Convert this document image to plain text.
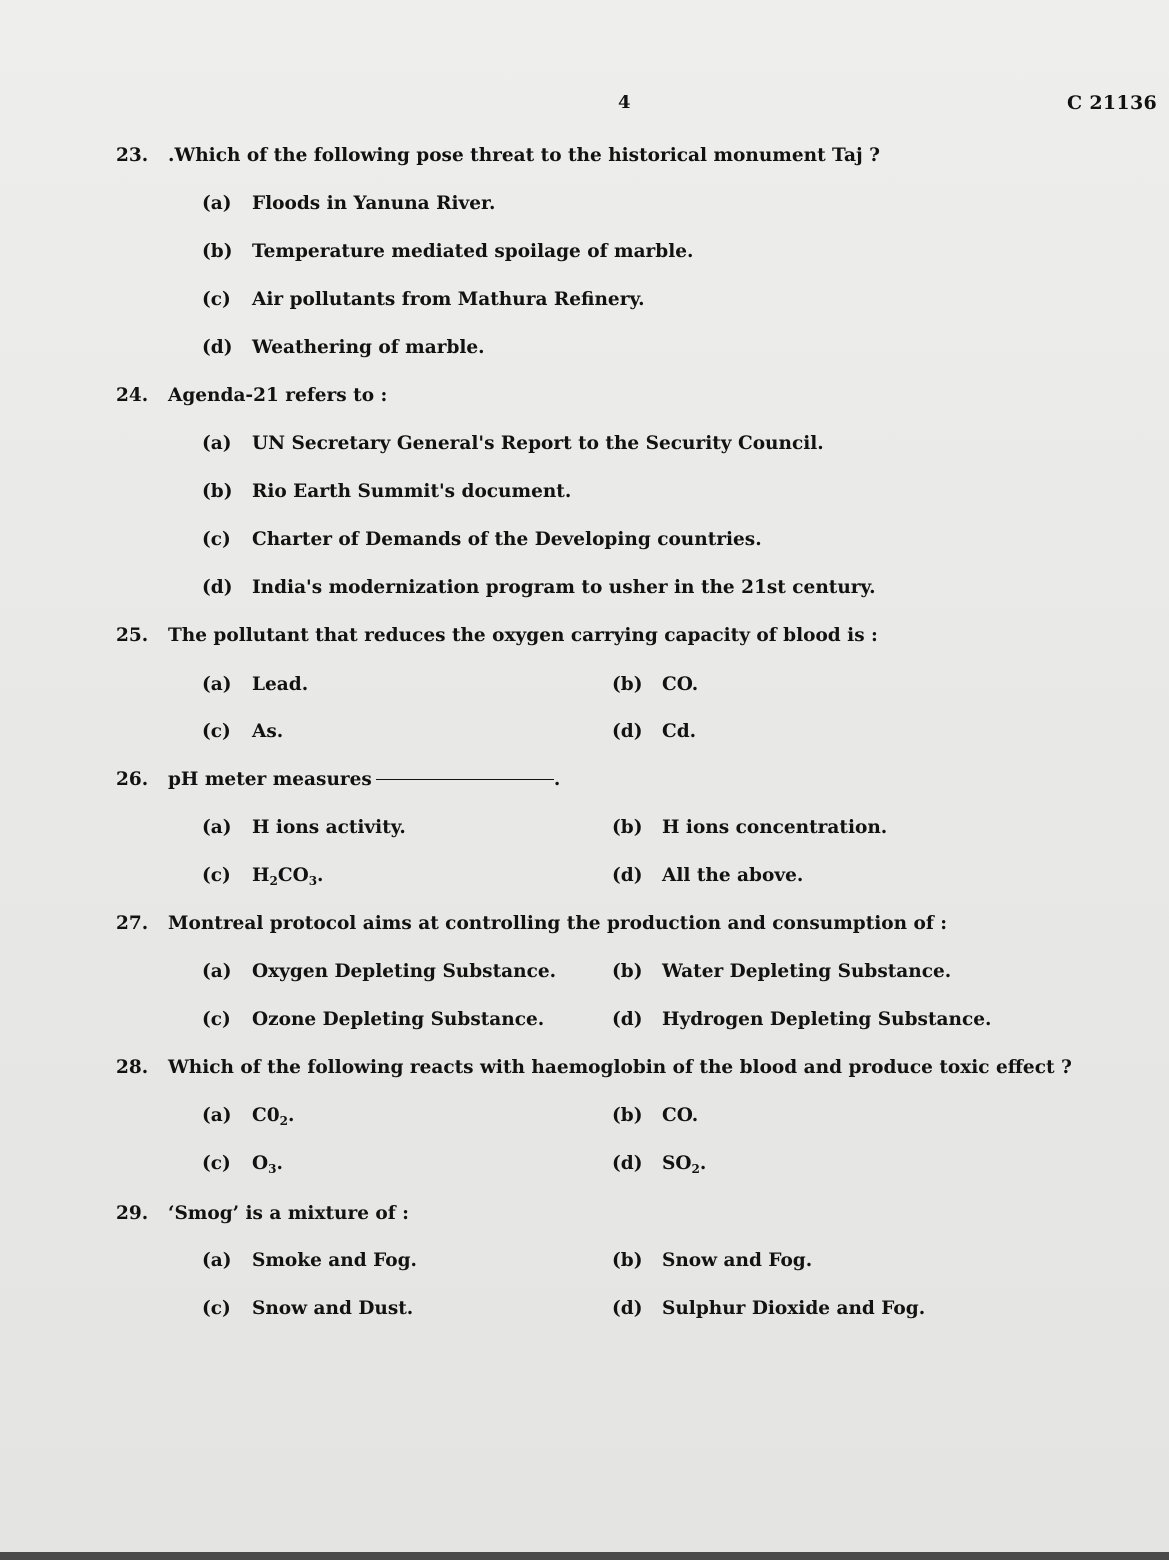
4	C 21136
23. .Which of the following pose threat to the historical monument Taj ?
(a) Floods in Yanuna River.
(b) Temperature mediated spoilage of marble.
(c) Air pollutants from Mathura Refinery.
(d) Weathering of marble.
24. Agenda-21 refers to :
(a) UN Secretary General's Report to the Security Council.
(b) Rio Earth Summit's document.
(c) Charter of Demands of the Developing countries.
(d) India's modernization program to usher in the 21st century.
25. The pollutant that reduces the oxygen carrying capacity of blood is :
(a) Lead.	(b) CO.
(c) As.	(d) Cd.
26. pH meter measures	.
(a) H ions activity.	(b) H ions concentration.
(c) $H_2CO_3$.	(d) All the above.
27. Montreal protocol aims at controlling the production and consumption of :
(a) Oxygen Depleting Substance.	(b) Water Depleting Substance.
(c) Ozone Depleting Substance.	(d) Hydrogen Depleting Substance.
28. Which of the following reacts with haemoglobin of the blood and produce toxic effect ?
(a) $C0_2$.	(b) CO.
(c) $O_3$.	(d) $SO_2$.
29. ‘Smog’ is a mixture of :
(a) Smoke and Fog.	(b) Snow and Fog.
(c) Snow and Dust.	(d) Sulphur Dioxide and Fog.
